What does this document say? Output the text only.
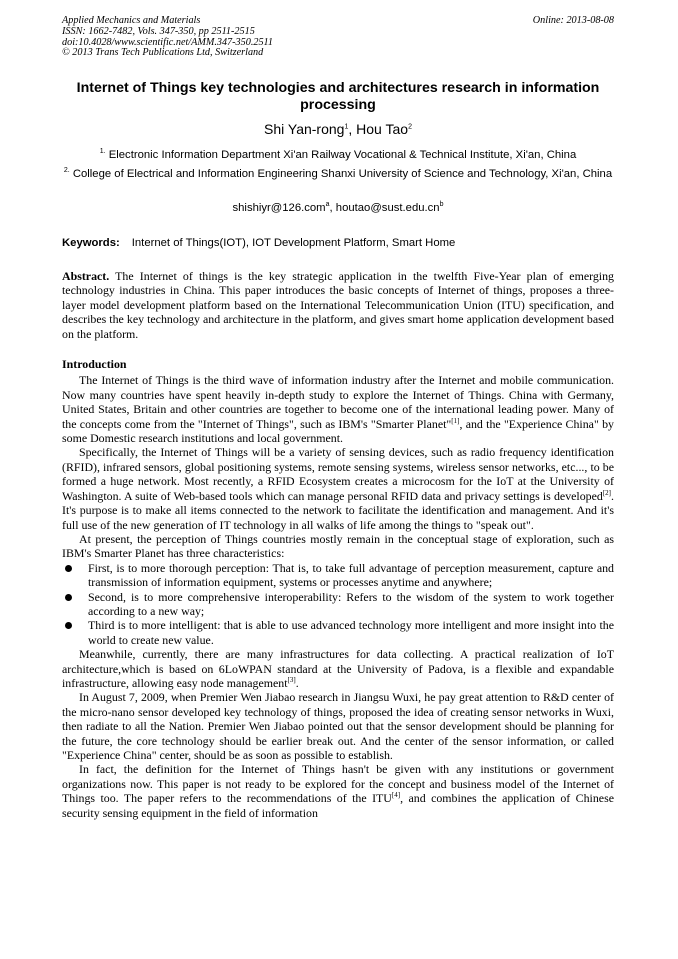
Applied Mechanics and Materials
ISSN: 1662-7482, Vols. 347-350, pp 2511-2515
doi:10.4028/www.scientific.net/AMM.347-350.2511
© 2013 Trans Tech Publications Ltd, Switzerland
Online: 2013-08-08
Internet of Things key technologies and architectures research in information processing
Shi Yan-rong$^1$, Hou Tao$^2$
$^{1.}$ Electronic Information Department Xi'an Railway Vocational & Technical Institute, Xi'an, China
$^{2.}$ College of Electrical and Information Engineering Shanxi University of Science and Technology, Xi'an, China
shishiyr@126.com$^a$, $houtao@sust.edu.cn^b$
Keywords: Internet of Things(IOT), IOT Development Platform, Smart Home

Abstract. The Internet of things is the key strategic application in the twelfth Five-Year plan of emerging technology industries in China. This paper introduces the basic concepts of Internet of things, proposes a three-layer model development platform based on the International Telecommunication Union (ITU) specification, and describes the key technology and architecture in the platform, and gives smart home application development based on the platform.

Introduction

The Internet of Things is the third wave of information industry after the Internet and mobile communication. Now many countries have spent heavily in-depth study to explore the Internet of Things. China with Germany, United States, Britain and other countries are together to become one of the international leading power. Many of the concepts come from the "Internet of Things", such as IBM's "Smarter Planet"[1], and the "Experience China" by some Domestic research institutions and local government.

Specifically, the Internet of Things will be a variety of sensing devices, such as radio frequency identification (RFID), infrared sensors, global positioning systems, remote sensing systems, wireless sensor networks, etc..., to be formed a huge network. Most recently, a RFID Ecosystem creates a microcosm for the IoT at the University of Washington. A suite of Web-based tools which can manage personal RFID data and privacy settings is developed[2]. It's purpose is to make all items connected to the network to facilitate the identification and management. And it's full use of the new generation of IT technology in all walks of life among the things to "speak out".

At present, the perception of Things countries mostly remain in the conceptual stage of exploration, such as IBM's Smarter Planet has three characteristics:

First, is to more thorough perception: That is, to take full advantage of perception measurement, capture and transmission of information equipment, systems or processes anytime and anywhere;
Second, is to more comprehensive interoperability: Refers to the wisdom of the system to work together according to a new way;
Third is to more intelligent: that is able to use advanced technology more intelligent and more insight into the world to create new value.

Meanwhile, currently, there are many infrastructures for data collecting. A practical realization of IoT architecture,which is based on 6LoWPAN standard at the University of Padova, is a flexible and expandable infrastructure, allowing easy node management[3].

In August 7, 2009, when Premier Wen Jiabao research in Jiangsu Wuxi, he pay great attention to R&D center of the micro-nano sensor developed key technology of things, proposed the idea of creating sensor networks in Wuxi, then radiate to all the Nation. Premier Wen Jiabao pointed out that the sensor development should be planning for the future, the core technology should be earlier break out. And the center of the sensor information, or called "Experience China" center, should be as soon as possible to establish.

In fact, the definition for the Internet of Things hasn't be given with any institutions or government organizations now. This paper is not ready to be explored for the concept and business model of the Internet of Things too. The paper refers to the recommendations of the ITU[4], and combines the application of Chinese security sensing equipment in the field of information
